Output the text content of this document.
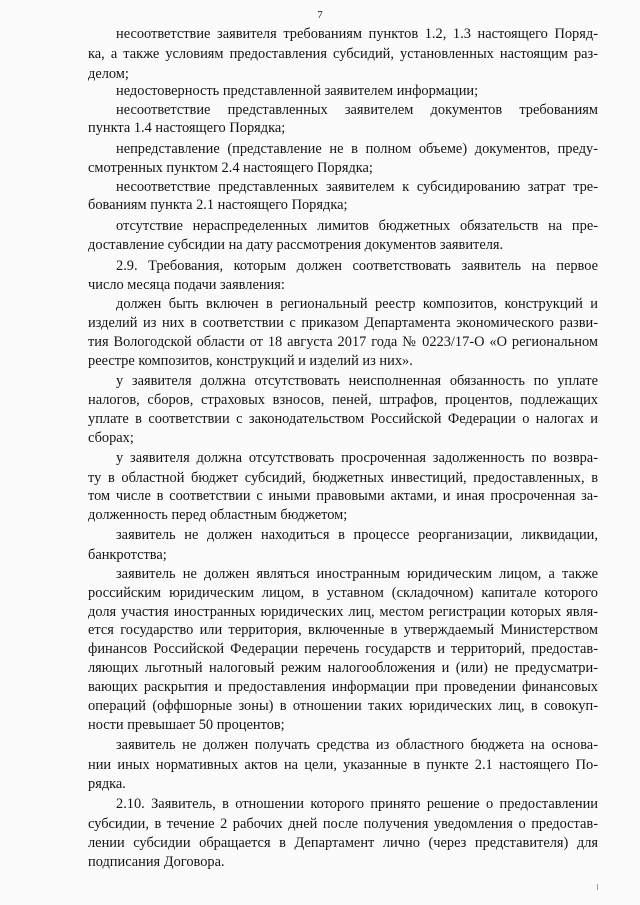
7
несоответствие заявителя требованиям пунктов 1.2, 1.3 настоящего Поряд-
ка, а также условиям предоставления субсидий, установленных настоящим раз-
делом;
недостоверность представленной заявителем информации;
несоответствие представленных заявителем документов требованиям
пункта 1.4 настоящего Порядка;
непредставление (представление не в полном объеме) документов, преду-
смотренных пунктом 2.4 настоящего Порядка;
несоответствие представленных заявителем к субсидированию затрат тре-
бованиям пункта 2.1 настоящего Порядка;
отсутствие нераспределенных лимитов бюджетных обязательств на пре-
доставление субсидии на дату рассмотрения документов заявителя.
2.9. Требования, которым должен соответствовать заявитель на первое
число месяца подачи заявления:
должен быть включен в региональный реестр композитов, конструкций и
изделий из них в соответствии с приказом Департамента экономического разви-
тия Вологодской области от 18 августа 2017 года № 0223/17-О «О региональном
реестре композитов, конструкций и изделий из них».
у заявителя должна отсутствовать неисполненная обязанность по уплате
налогов, сборов, страховых взносов, пеней, штрафов, процентов, подлежащих
уплате в соответствии с законодательством Российской Федерации о налогах и
сборах;
у заявителя должна отсутствовать просроченная задолженность по возвра-
ту в областной бюджет субсидий, бюджетных инвестиций, предоставленных, в
том числе в соответствии с иными правовыми актами, и иная просроченная за-
долженность перед областным бюджетом;
заявитель не должен находиться в процессе реорганизации, ликвидации,
банкротства;
заявитель не должен являться иностранным юридическим лицом, а также
российским юридическим лицом, в уставном (складочном) капитале которого
доля участия иностранных юридических лиц, местом регистрации которых явля-
ется государство или территория, включенные в утверждаемый Министерством
финансов Российской Федерации перечень государств и территорий, предостав-
ляющих льготный налоговый режим налогообложения и (или) не предусматри-
вающих раскрытия и предоставления информации при проведении финансовых
операций (оффшорные зоны) в отношении таких юридических лиц, в совокуп-
ности превышает 50 процентов;
заявитель не должен получать средства из областного бюджета на основа-
нии иных нормативных актов на цели, указанные в пункте 2.1 настоящего По-
рядка.
2.10. Заявитель, в отношении которого принято решение о предоставлении
субсидии, в течение 2 рабочих дней после получения уведомления о предостав-
лении субсидии обращается в Департамент лично (через представителя) для
подписания Договора.
